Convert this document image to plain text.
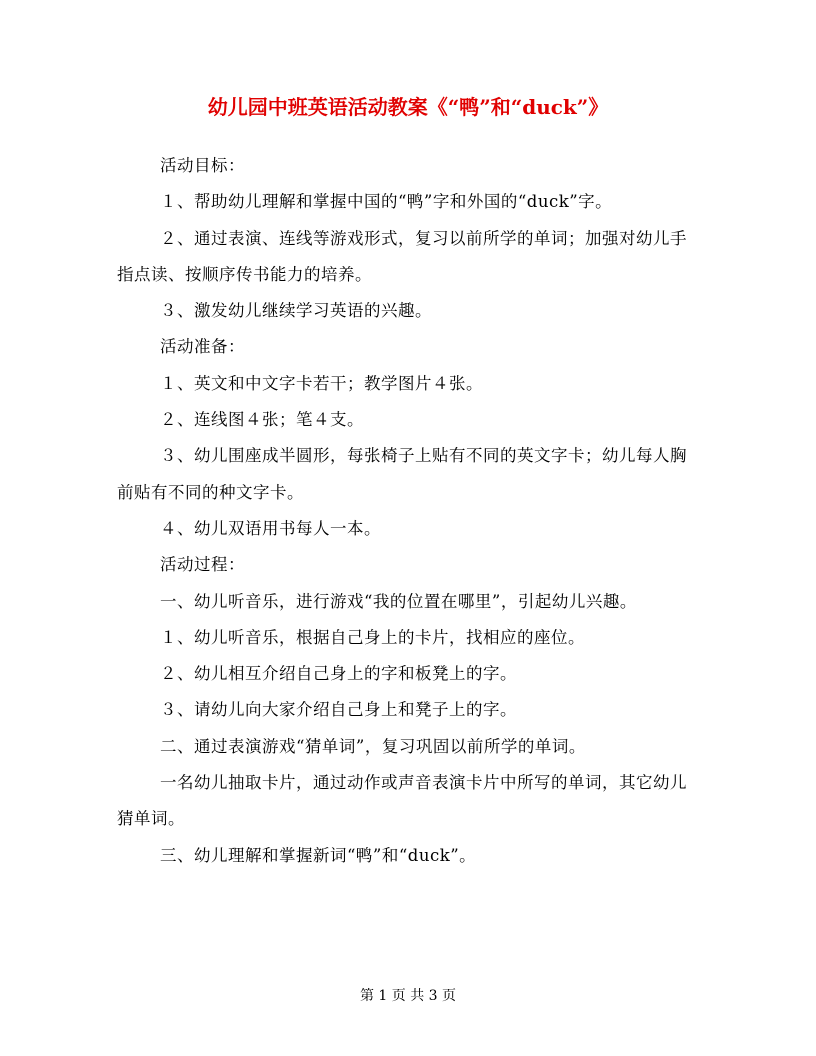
幼儿园中班英语活动教案《“鸭”和“duck”》

活动目标：

１、帮助幼儿理解和掌握中国的“鸭”字和外国的“duck”字。

２、通过表演、连线等游戏形式，复习以前所学的单词；加强对幼儿手指点读、按顺序传书能力的培养。

３、激发幼儿继续学习英语的兴趣。

活动准备：

１、英文和中文字卡若干；教学图片４张。

２、连线图４张；笔４支。

３、幼儿围座成半圆形，每张椅子上贴有不同的英文字卡；幼儿每人胸前贴有不同的种文字卡。

４、幼儿双语用书每人一本。

活动过程：

一、幼儿听音乐，进行游戏“我的位置在哪里”，引起幼儿兴趣。

１、幼儿听音乐，根据自己身上的卡片，找相应的座位。

２、幼儿相互介绍自己身上的字和板凳上的字。

３、请幼儿向大家介绍自己身上和凳子上的字。

二、通过表演游戏“猜单词”，复习巩固以前所学的单词。

一名幼儿抽取卡片，通过动作或声音表演卡片中所写的单词，其它幼儿猜单词。

三、幼儿理解和掌握新词“鸭”和“duck”。

第 1 页 共 3 页
